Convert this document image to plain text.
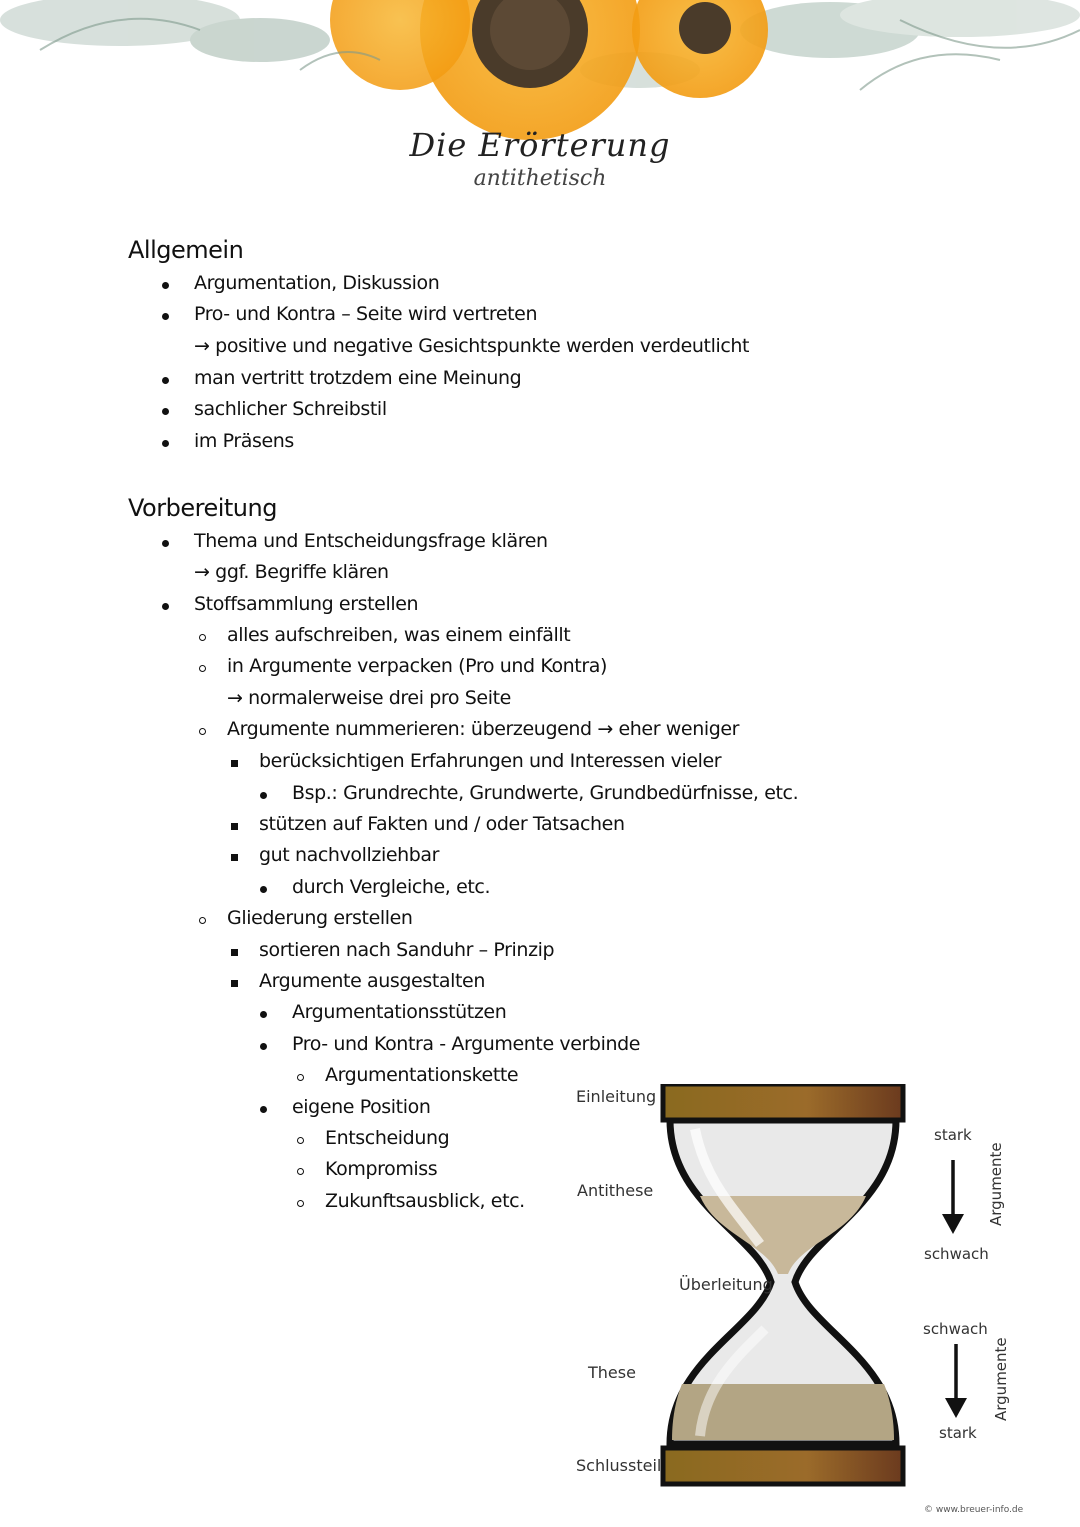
Die Erörterung
antithetisch
Allgemein
Argumentation, Diskussion
Pro- und Kontra – Seite wird vertreten
→ positive und negative Gesichtspunkte werden verdeutlicht
man vertritt trotzdem eine Meinung
sachlicher Schreibstil
im Präsens
Vorbereitung
Thema und Entscheidungsfrage klären
→ ggf. Begriffe klären
Stoffsammlung erstellen
alles aufschreiben, was einem einfällt
in Argumente verpacken (Pro und Kontra)
→ normalerweise drei pro Seite
Argumente nummerieren: überzeugend → eher weniger
berücksichtigen Erfahrungen und Interessen vieler
Bsp.: Grundrechte, Grundwerte, Grundbedürfnisse, etc.
stützen auf Fakten und / oder Tatsachen
gut nachvollziehbar
durch Vergleiche, etc.
Gliederung erstellen
sortieren nach Sanduhr – Prinzip
Argumente ausgestalten
Argumentationsstützen
Pro- und Kontra - Argumente verbinde
Argumentationskette
eigene Position
Entscheidung
Kompromiss
Zukunftsausblick, etc.
Einleitung
Antithese
Überleitung
These
Schlussteil
stark
schwach
Argumente
schwach
stark
Argumente
© www.breuer-info.de
